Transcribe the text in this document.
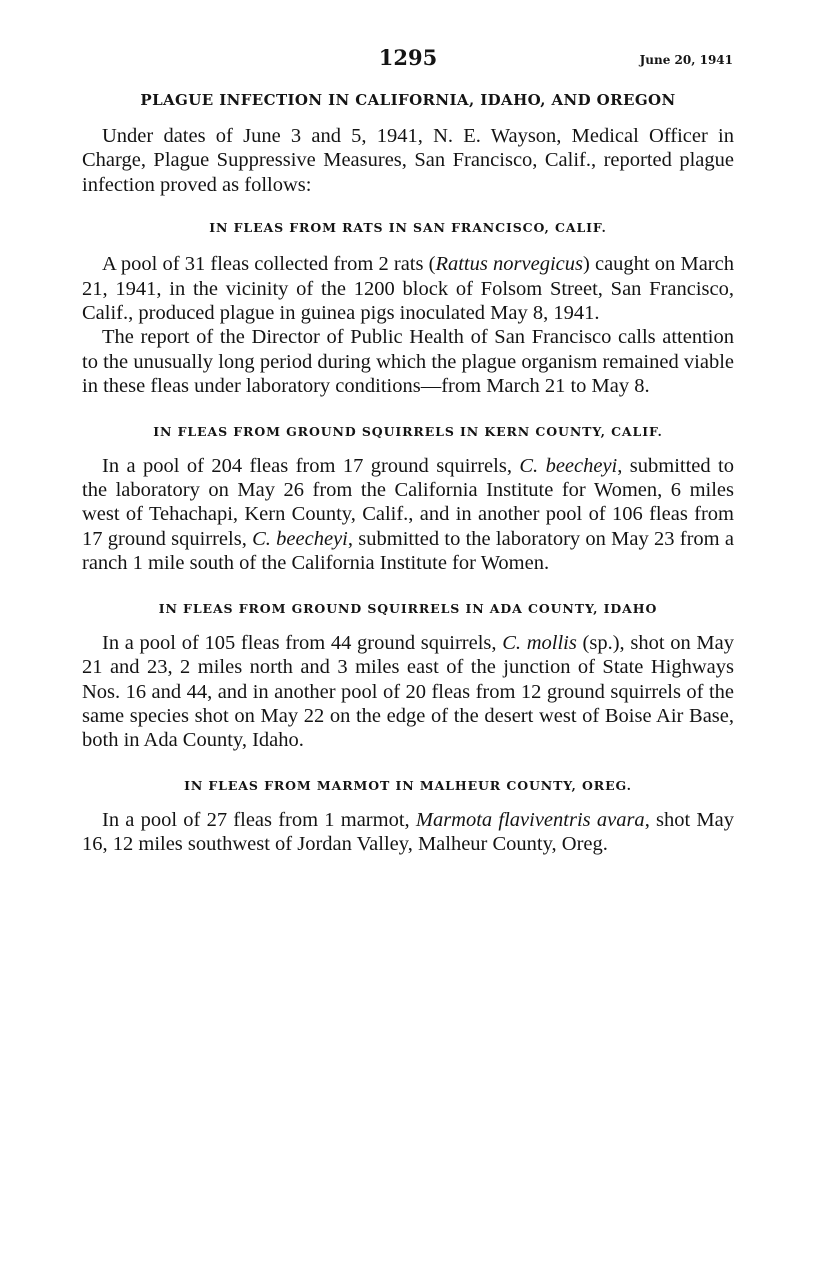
1295	June 20, 1941
PLAGUE INFECTION IN CALIFORNIA, IDAHO, AND OREGON

Under dates of June 3 and 5, 1941, N. E. Wayson, Medical Officer in Charge, Plague Suppressive Measures, San Francisco, Calif., reported plague infection proved as follows:

IN FLEAS FROM RATS IN SAN FRANCISCO, CALIF.

A pool of 31 fleas collected from 2 rats (Rattus norvegicus) caught on March 21, 1941, in the vicinity of the 1200 block of Folsom Street, San Francisco, Calif., produced plague in guinea pigs inoculated May 8, 1941.

The report of the Director of Public Health of San Francisco calls attention to the unusually long period during which the plague organism remained viable in these fleas under laboratory conditions—from March 21 to May 8.

IN FLEAS FROM GROUND SQUIRRELS IN KERN COUNTY, CALIF.

In a pool of 204 fleas from 17 ground squirrels, C. beecheyi, submitted to the laboratory on May 26 from the California Institute for Women, 6 miles west of Tehachapi, Kern County, Calif., and in another pool of 106 fleas from 17 ground squirrels, C. beecheyi, submitted to the laboratory on May 23 from a ranch 1 mile south of the California Institute for Women.

IN FLEAS FROM GROUND SQUIRRELS IN ADA COUNTY, IDAHO

In a pool of 105 fleas from 44 ground squirrels, C. mollis (sp.), shot on May 21 and 23, 2 miles north and 3 miles east of the junction of State Highways Nos. 16 and 44, and in another pool of 20 fleas from 12 ground squirrels of the same species shot on May 22 on the edge of the desert west of Boise Air Base, both in Ada County, Idaho.

IN FLEAS FROM MARMOT IN MALHEUR COUNTY, OREG.

In a pool of 27 fleas from 1 marmot, Marmota flaviventris avara, shot May 16, 12 miles southwest of Jordan Valley, Malheur County, Oreg.
